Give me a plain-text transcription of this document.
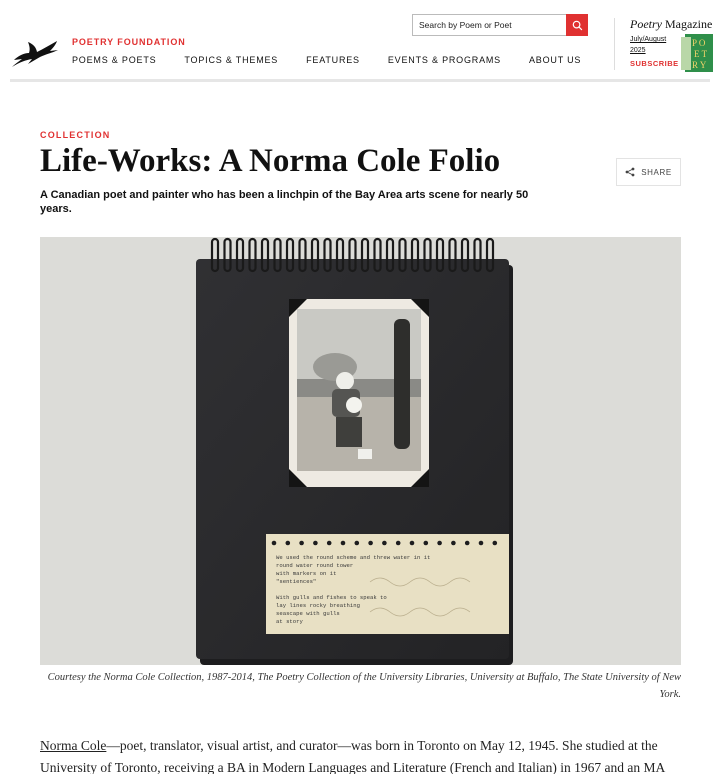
POETRY FOUNDATION
POEMS & POETS	TOPICS & THEMES	FEATURES	EVENTS & PROGRAMS	ABOUT US
Search by Poem or Poet
Poetry Magazine
July/August 2025
SUBSCRIBE
P O
E T
R Y
COLLECTION
Life-Works: A Norma Cole Folio

A Canadian poet and painter who has been a linchpin of the Bay Area arts scene for nearly 50 years.

SHARE
We used the round scheme and threw water in it
round water round tower
with markers on it
"sentiences"
With gulls and fishes to speak to
lay lines rocky breathing
seascape with gulls
at story
Courtesy the Norma Cole Collection, 1987-2014, The Poetry Collection of the University Libraries, University at Buffalo, The State University of New York.

Norma Cole—poet, translator, visual artist, and curator—was born in Toronto on May 12, 1945. She studied at the University of Toronto, receiving a BA in Modern Languages and Literature (French and Italian) in 1967 and an MA
